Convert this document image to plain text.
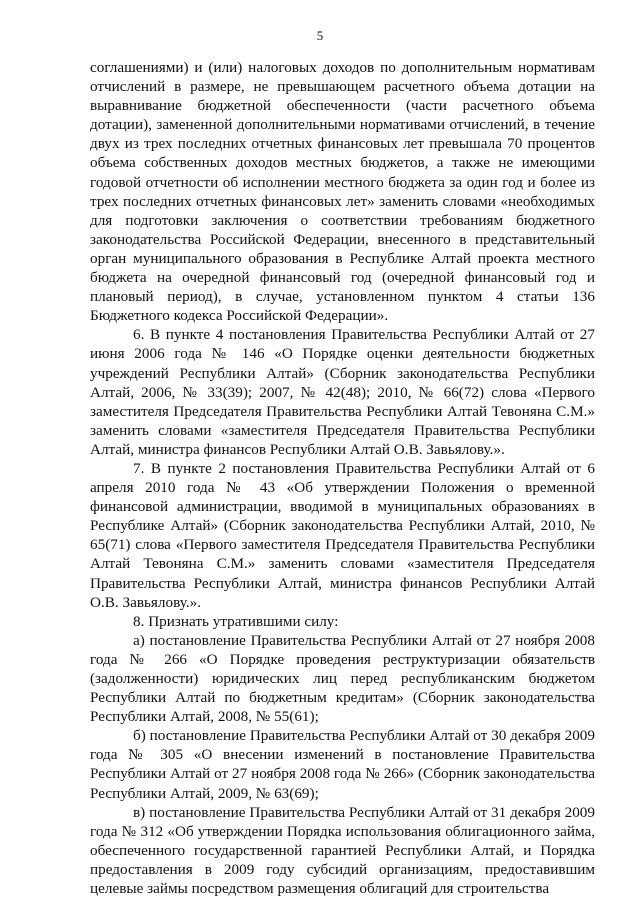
5

соглашениями) и (или) налоговых доходов по дополнительным нормативам отчислений в размере, не превышающем расчетного объема дотации на выравнивание бюджетной обеспеченности (части расчетного объема дотации), замененной дополнительными нормативами отчислений, в течение двух из трех последних отчетных финансовых лет превышала 70 процентов объема собственных доходов местных бюджетов, а также не имеющими годовой отчетности об исполнении местного бюджета за один год и более из трех последних отчетных финансовых лет» заменить словами «необходимых для подготовки заключения о соответствии требованиям бюджетного законодательства Российской Федерации, внесенного в представительный орган муниципального образования в Республике Алтай проекта местного бюджета на очередной финансовый год (очередной финансовый год и плановый период), в случае, установленном пунктом 4 статьи 136 Бюджетного кодекса Российской Федерации».

6. В пункте 4 постановления Правительства Республики Алтай от 27 июня 2006 года № 146 «О Порядке оценки деятельности бюджетных учреждений Республики Алтай» (Сборник законодательства Республики Алтай, 2006, № 33(39); 2007, № 42(48); 2010, № 66(72) слова «Первого заместителя Председателя Правительства Республики Алтай Тевоняна С.М.» заменить словами «заместителя Председателя Правительства Республики Алтай, министра финансов Республики Алтай О.В. Завьялову.».

7. В пункте 2 постановления Правительства Республики Алтай от 6 апреля 2010 года № 43 «Об утверждении Положения о временной финансовой администрации, вводимой в муниципальных образованиях в Республике Алтай» (Сборник законодательства Республики Алтай, 2010, № 65(71) слова «Первого заместителя Председателя Правительства Республики Алтай Тевоняна С.М.» заменить словами «заместителя Председателя Правительства Республики Алтай, министра финансов Республики Алтай О.В. Завьялову.».

8. Признать утратившими силу:

а) постановление Правительства Республики Алтай от 27 ноября 2008 года № 266 «О Порядке проведения реструктуризации обязательств (задолженности) юридических лиц перед республиканским бюджетом Республики Алтай по бюджетным кредитам» (Сборник законодательства Республики Алтай, 2008, № 55(61);

б) постановление Правительства Республики Алтай от 30 декабря 2009 года № 305 «О внесении изменений в постановление Правительства Республики Алтай от 27 ноября 2008 года № 266» (Сборник законодательства Республики Алтай, 2009, № 63(69);

в) постановление Правительства Республики Алтай от 31 декабря 2009 года № 312 «Об утверждении Порядка использования облигационного займа, обеспеченного государственной гарантией Республики Алтай, и Порядка предоставления в 2009 году субсидий организациям, предоставившим целевые займы посредством размещения облигаций для строительства
